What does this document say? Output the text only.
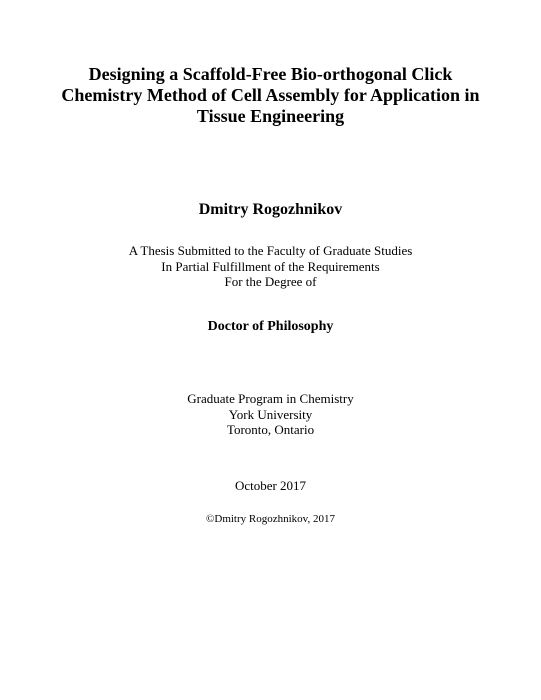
Designing a Scaffold-Free Bio-orthogonal Click
Chemistry Method of Cell Assembly for Application in
Tissue Engineering
Dmitry Rogozhnikov
A Thesis Submitted to the Faculty of Graduate Studies
In Partial Fulfillment of the Requirements
For the Degree of
Doctor of Philosophy
Graduate Program in Chemistry
York University
Toronto, Ontario
October 2017
©Dmitry Rogozhnikov, 2017
